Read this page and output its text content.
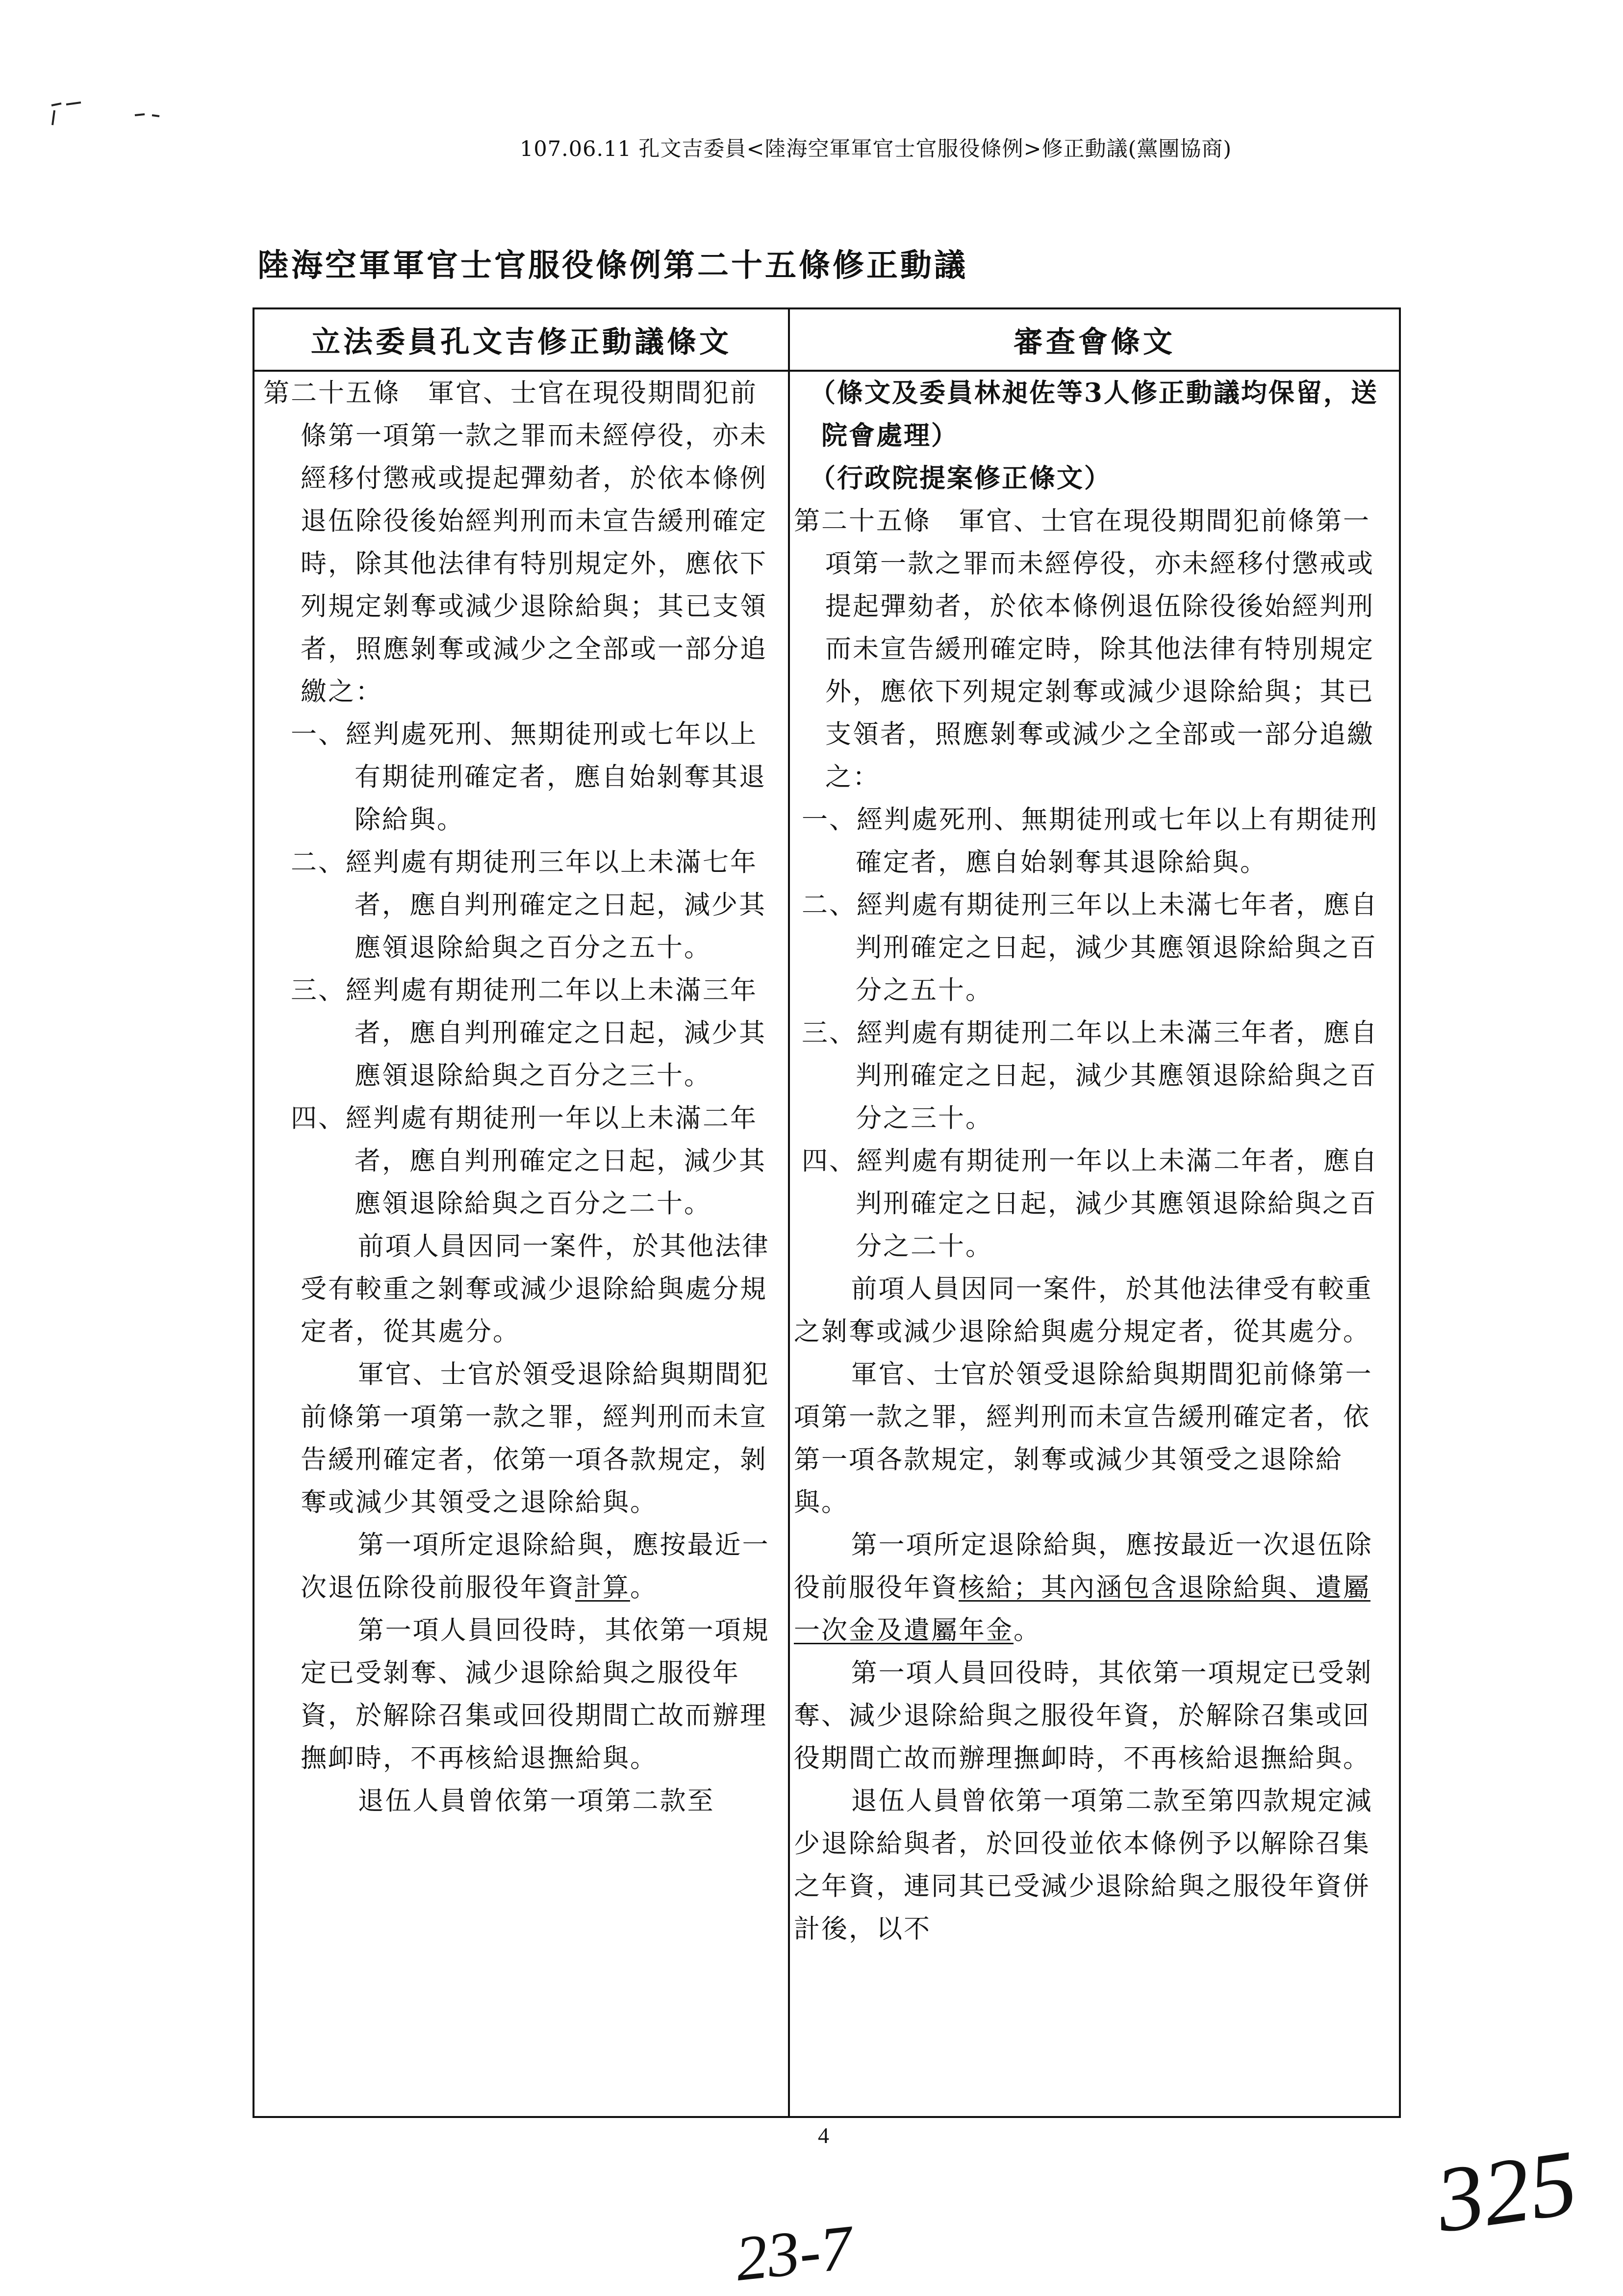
107.06.11 孔文吉委員<陸海空軍軍官士官服役條例>修正動議(黨團協商)
陸海空軍軍官士官服役條例第二十五條修正動議
立法委員孔文吉修正動議條文	審查會條文

第二十五條　軍官、士官在現役期間犯前條第一項第一款之罪而未經停役，亦未經移付懲戒或提起彈劾者，於依本條例退伍除役後始經判刑而未宣告緩刑確定時，除其他法律有特別規定外，應依下列規定剝奪或減少退除給與；其已支領者，照應剝奪或減少之全部或一部分追繳之：

一、經判處死刑、無期徒刑或七年以上有期徒刑確定者，應自始剝奪其退除給與。

二、經判處有期徒刑三年以上未滿七年者，應自判刑確定之日起，減少其應領退除給與之百分之五十。

三、經判處有期徒刑二年以上未滿三年者，應自判刑確定之日起，減少其應領退除給與之百分之三十。

四、經判處有期徒刑一年以上未滿二年者，應自判刑確定之日起，減少其應領退除給與之百分之二十。

前項人員因同一案件，於其他法律受有較重之剝奪或減少退除給與處分規定者，從其處分。

軍官、士官於領受退除給與期間犯前條第一項第一款之罪，經判刑而未宣告緩刑確定者，依第一項各款規定，剝奪或減少其領受之退除給與。

第一項所定退除給與，應按最近一次退伍除役前服役年資計算。

第一項人員回役時，其依第一項規定已受剝奪、減少退除給與之服役年資，於解除召集或回役期間亡故而辦理撫卹時，不再核給退撫給與。

退伍人員曾依第一項第二款至

（條文及委員林昶佐等3人修正動議均保留，送院會處理）

（行政院提案修正條文）

第二十五條　軍官、士官在現役期間犯前條第一項第一款之罪而未經停役，亦未經移付懲戒或提起彈劾者，於依本條例退伍除役後始經判刑而未宣告緩刑確定時，除其他法律有特別規定外，應依下列規定剝奪或減少退除給與；其已支領者，照應剝奪或減少之全部或一部分追繳之：

一、經判處死刑、無期徒刑或七年以上有期徒刑確定者，應自始剝奪其退除給與。

二、經判處有期徒刑三年以上未滿七年者，應自判刑確定之日起，減少其應領退除給與之百分之五十。

三、經判處有期徒刑二年以上未滿三年者，應自判刑確定之日起，減少其應領退除給與之百分之三十。

四、經判處有期徒刑一年以上未滿二年者，應自判刑確定之日起，減少其應領退除給與之百分之二十。

前項人員因同一案件，於其他法律受有較重之剝奪或減少退除給與處分規定者，從其處分。

軍官、士官於領受退除給與期間犯前條第一項第一款之罪，經判刑而未宣告緩刑確定者，依第一項各款規定，剝奪或減少其領受之退除給與。

第一項所定退除給與，應按最近一次退伍除役前服役年資核給；其內涵包含退除給與、遺屬一次金及遺屬年金。

第一項人員回役時，其依第一項規定已受剝奪、減少退除給與之服役年資，於解除召集或回役期間亡故而辦理撫卹時，不再核給退撫給與。

退伍人員曾依第一項第二款至第四款規定減少退除給與者，於回役並依本條例予以解除召集之年資，連同其已受減少退除給與之服役年資併計後，以不

4	325
23-7
